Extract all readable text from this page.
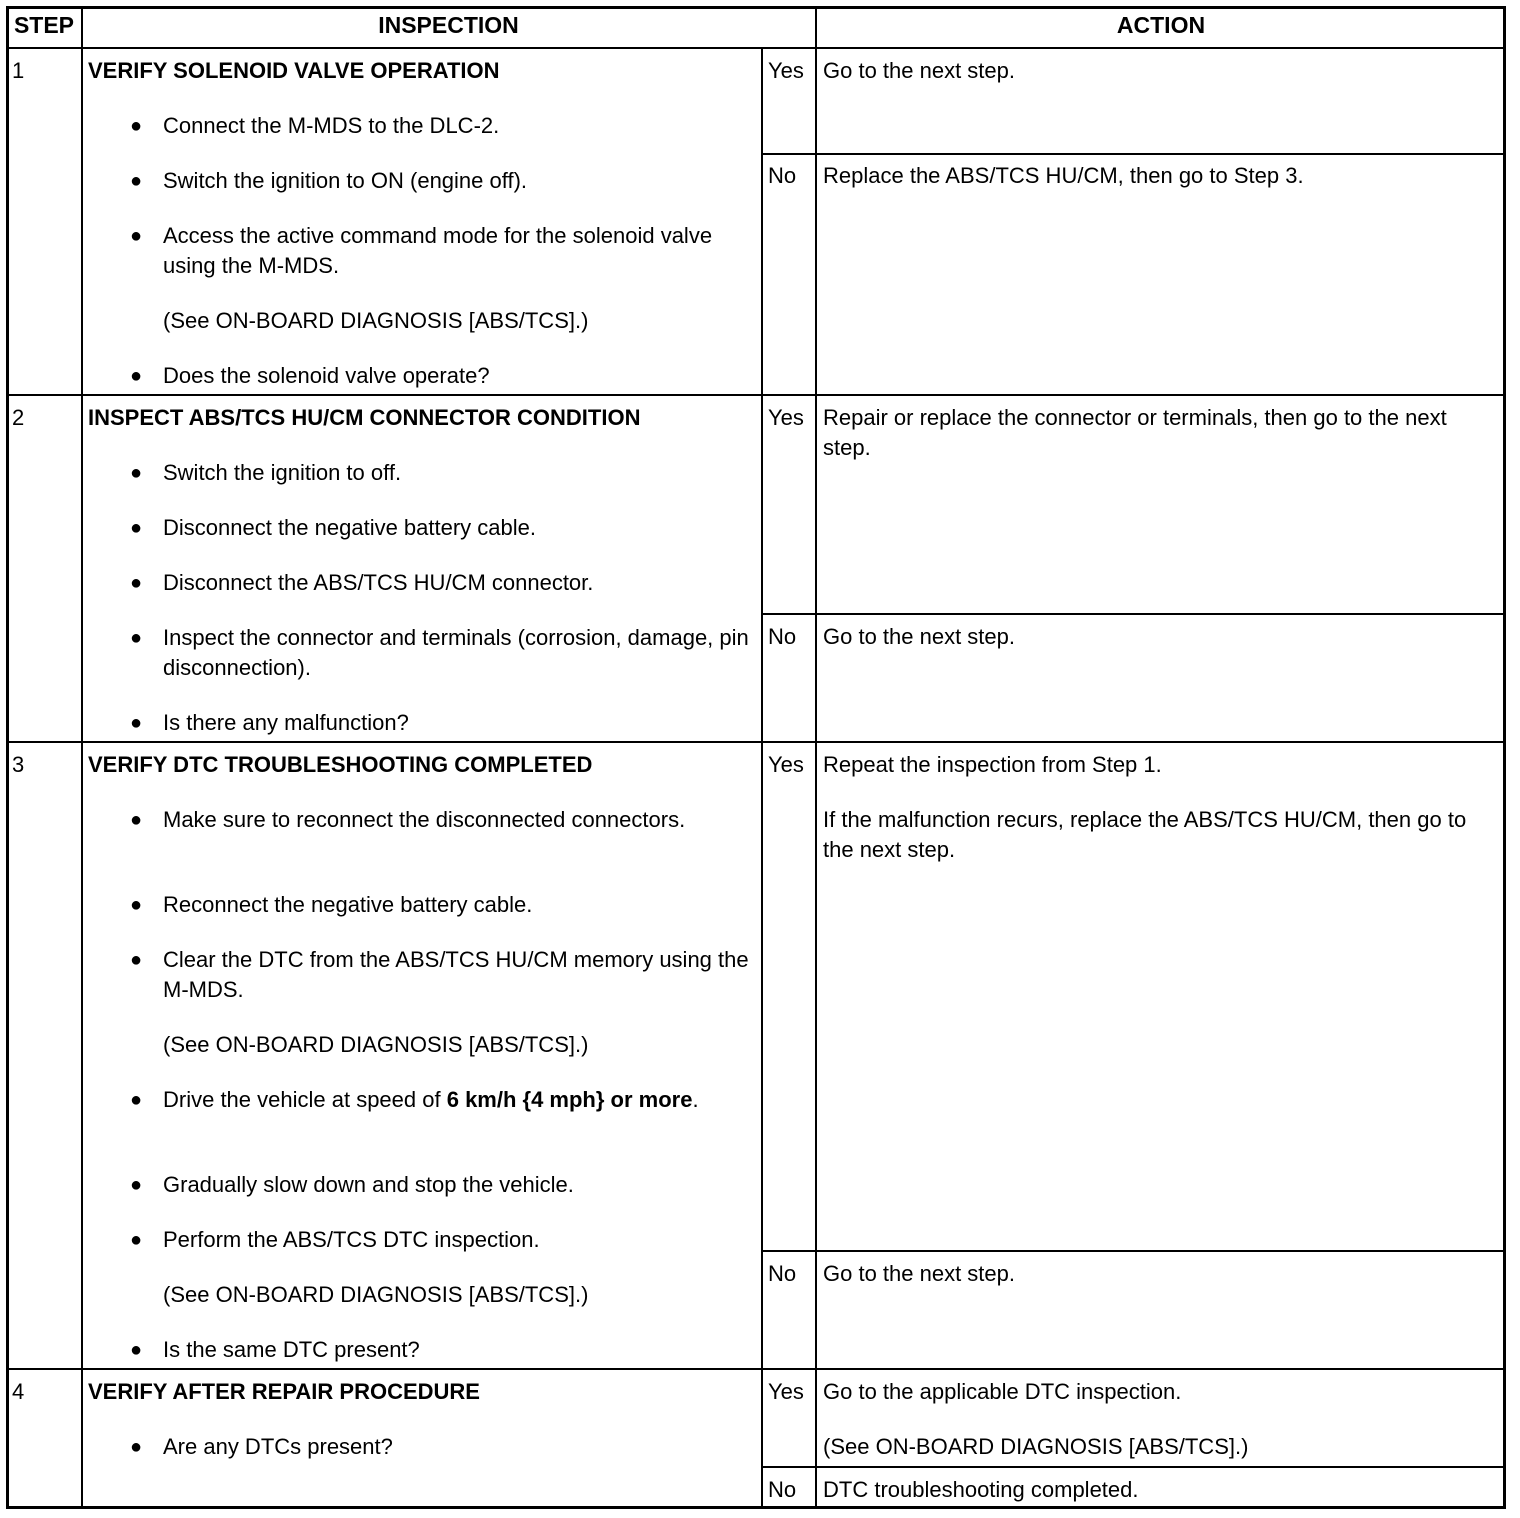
STEP	INSPECTION	ACTION
1	VERIFY SOLENOID VALVE OPERATION
● Connect the M-MDS to the DLC-2.
● Switch the ignition to ON (engine off).
● Access the active command mode for the solenoid valve using the M-MDS.
(See ON-BOARD DIAGNOSIS [ABS/TCS].)
● Does the solenoid valve operate?
Yes Go to the next step.
No Replace the ABS/TCS HU/CM, then go to Step 3.
2	INSPECT ABS/TCS HU/CM CONNECTOR CONDITION
● Switch the ignition to off.
● Disconnect the negative battery cable.
● Disconnect the ABS/TCS HU/CM connector.
● Inspect the connector and terminals (corrosion, damage, pin disconnection).
● Is there any malfunction?
Yes Repair or replace the connector or terminals, then go to the next step.
No Go to the next step.
3	VERIFY DTC TROUBLESHOOTING COMPLETED
● Make sure to reconnect the disconnected connectors.
● Reconnect the negative battery cable.
● Clear the DTC from the ABS/TCS HU/CM memory using the M-MDS.
(See ON-BOARD DIAGNOSIS [ABS/TCS].)
● Drive the vehicle at speed of 6 km/h {4 mph} or more.
● Gradually slow down and stop the vehicle.
● Perform the ABS/TCS DTC inspection.
(See ON-BOARD DIAGNOSIS [ABS/TCS].)
● Is the same DTC present?
Yes Repeat the inspection from Step 1.
If the malfunction recurs, replace the ABS/TCS HU/CM, then go to the next step.
No Go to the next step.
4	VERIFY AFTER REPAIR PROCEDURE
● Are any DTCs present?
Yes Go to the applicable DTC inspection.
(See ON-BOARD DIAGNOSIS [ABS/TCS].)
No DTC troubleshooting completed.
